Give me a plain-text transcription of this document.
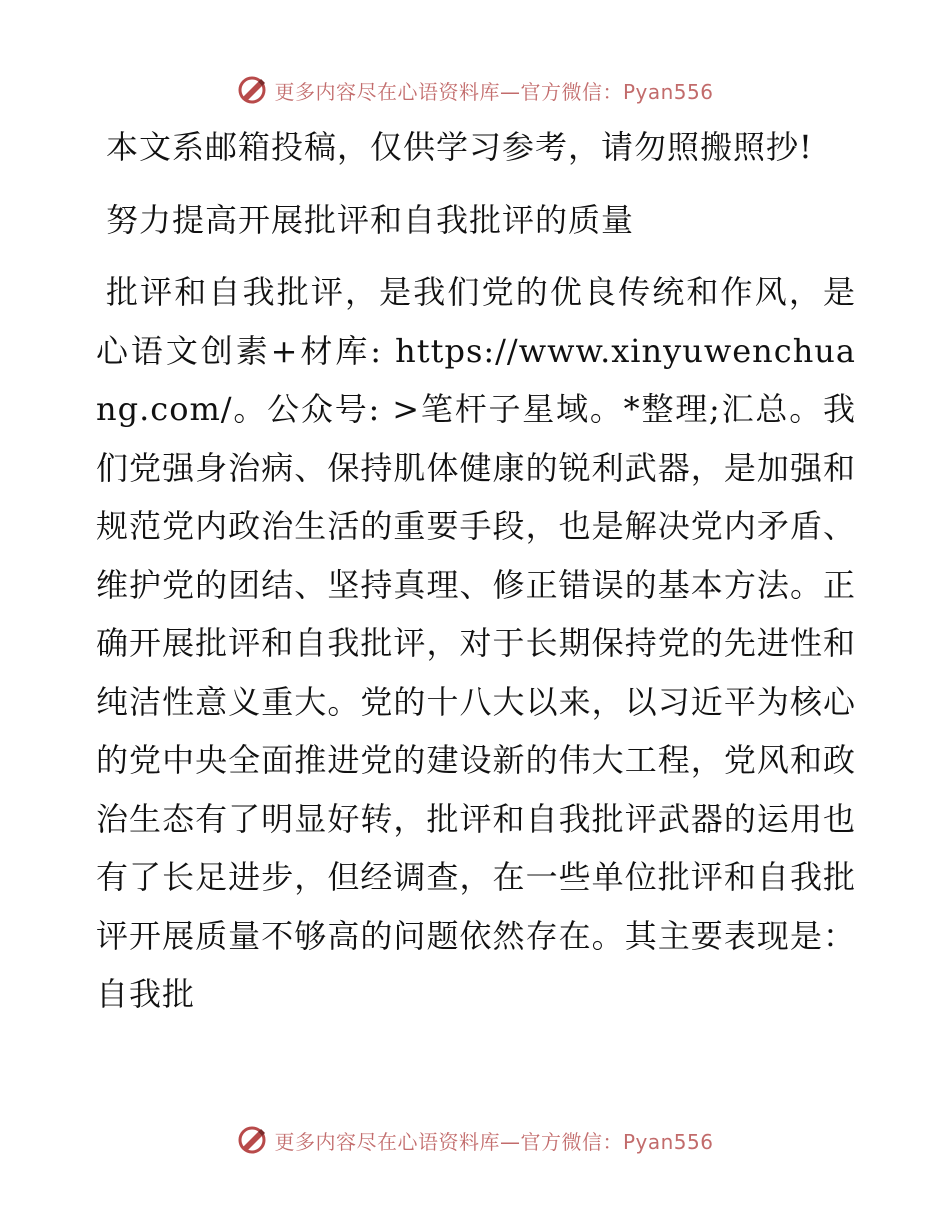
更多内容尽在心语资料库—官方微信：Pyan556

本文系邮箱投稿，仅供学习参考，请勿照搬照抄!

努力提高开展批评和自我批评的质量

批评和自我批评，是我们党的优良传统和作风，是心语文创素+材库: https://www.xinyuwenchuang.com/。公众号: >笔杆子星域。*整理;汇总。我们党强身治病、保持肌体健康的锐利武器，是加强和规范党内政治生活的重要手段，也是解决党内矛盾、维护党的团结、坚持真理、修正错误的基本方法。正确开展批评和自我批评，对于长期保持党的先进性和纯洁性意义重大。党的十八大以来，以习近平为核心的党中央全面推进党的建设新的伟大工程，党风和政治生态有了明显好转，批评和自我批评武器的运用也有了长足进步，但经调查，在一些单位批评和自我批评开展质量不够高的问题依然存在。其主要表现是：自我批

更多内容尽在心语资料库—官方微信：Pyan556
